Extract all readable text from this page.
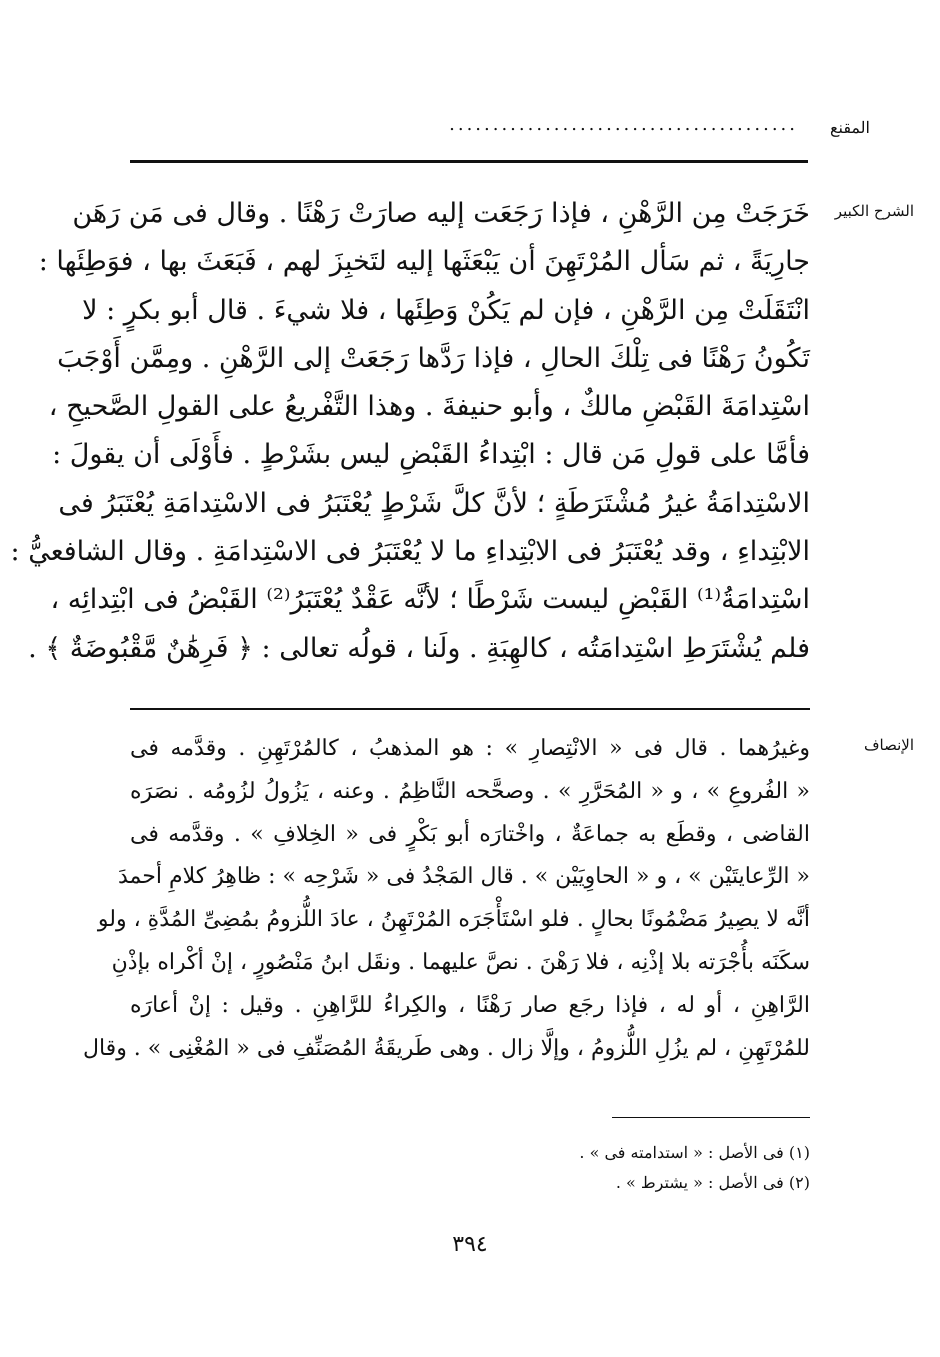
المقنع
........................................
الشرح الكبير
خَرَجَتْ مِن الرَّهْنِ ، فإذا رَجَعَت إليه صارَتْ رَهْنًا . وقال فى مَن رَهَن
جارِيَةً ، ثم سَأل المُرْتَهِنَ أن يَبْعَثَها إليه لتَخبِزَ لهم ، فَبَعَثَ بها ، فوَطِئَها :
انْتَقَلَتْ مِن الرَّهْنِ ، فإن لم يَكُنْ وَطِئَها ، فلا شيءَ . قال أبو بكرٍ : لا
تَكُونُ رَهْنًا فى تِلْكَ الحالِ ، فإذا رَدَّها رَجَعَتْ إلى الرَّهْنِ . ومِمَّن أَوْجَبَ
اسْتِدامَةَ القَبْضِ مالكٌ ، وأبو حنيفةَ . وهذا التَّفْريعُ على القولِ الصَّحيحِ ،
فأمَّا على قولِ مَن قال : ابْتِداءُ القَبْضِ ليس بشَرْطٍ . فأَوْلَى أن يقولَ :
الاسْتِدامَةُ غيرُ مُشْتَرَطَةٍ ؛ لأنَّ كلَّ شَرْطٍ يُعْتَبَرُ فى الاسْتِدامَةِ يُعْتَبَرُ فى
الابْتِداءِ ، وقد يُعْتَبَرُ فى الابْتِداءِ ما لا يُعْتَبَرُ فى الاسْتِدامَةِ . وقال الشافعيُّ :
اسْتِدامَةُ⁽¹⁾ القَبْضِ ليست شَرْطًا ؛ لأنَّه عَقْدٌ يُعْتَبَرُ⁽²⁾ القَبْضُ فى ابْتِدائِه ،
فلم يُشْتَرَطِ اسْتِدامَتُه ، كالهِبَةِ . ولَنا ، قولُه تعالى : ﴿ فَرِهَٰنٌ مَّقْبُوضَةٌ ﴾ .
الإنصاف
وغيرُهما . قال فى « الانْتِصارِ » : هو المذهبُ ، كالمُرْتَهِنِ . وقدَّمه فى
« الفُروعِ » ، و « المُحَرَّرِ » . وصحَّحه النَّاظِمُ . وعنه ، يَزُولُ لزُومُه . نصَرَه
القاضى ، وقطَع به جماعَةٌ ، واخْتارَه أبو بَكْرٍ فى « الخِلافِ » . وقدَّمه فى
« الرِّعايتَيْن » ، و « الحاوِيَيْن » . قال المَجْدُ فى « شَرْحِه » : ظاهِرُ كلامِ أحمدَ
أنَّه لا يصِيرُ مَضْمُونًا بحالٍ . فلو اسْتَأْجَرَه المُرْتَهِنُ ، عادَ اللُّزومُ بمُضِىِّ المُدَّةِ ، ولو
سكَنَه بأُجْرَته بلا إذْنِه ، فلا رَهْنَ . نصَّ عليهما . ونقَل ابنُ مَنْصُورٍ ، إنْ أكْراه بإذْنِ
الرَّاهِنِ ، أو له ، فإذا رجَع صار رَهْنًا ، والكِراءُ للرَّاهِنِ . وقيل : إنْ أعارَه
للمُرْتَهِنِ ، لم يزُلِ اللُّزومُ ، وإلَّا زال . وهى طَريقَةُ المُصَنِّفِ فى « المُغْنِى » . وقال
(١) فى الأصل : « استدامته فى » .
(٢) فى الأصل : « يشترط » .
٣٩٤
